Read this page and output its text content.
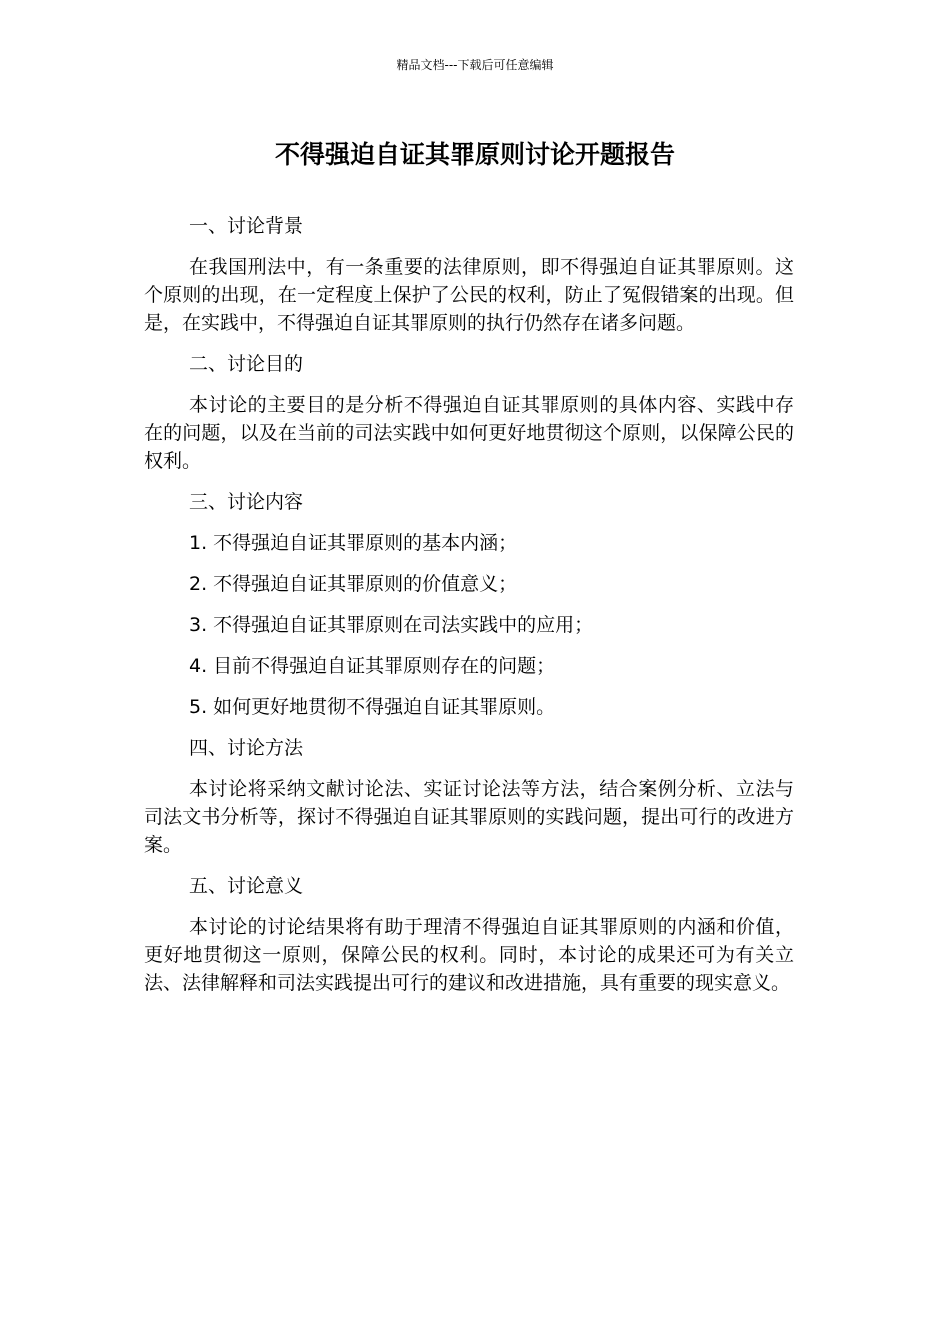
精品文档---下载后可任意编辑
不得强迫自证其罪原则讨论开题报告

一、讨论背景

在我国刑法中，有一条重要的法律原则，即不得强迫自证其罪原则。这个原则的出现，在一定程度上保护了公民的权利，防止了冤假错案的出现。但是，在实践中，不得强迫自证其罪原则的执行仍然存在诸多问题。

二、讨论目的

本讨论的主要目的是分析不得强迫自证其罪原则的具体内容、实践中存在的问题，以及在当前的司法实践中如何更好地贯彻这个原则，以保障公民的权利。

三、讨论内容

1. 不得强迫自证其罪原则的基本内涵；

2. 不得强迫自证其罪原则的价值意义；

3. 不得强迫自证其罪原则在司法实践中的应用；

4. 目前不得强迫自证其罪原则存在的问题；

5. 如何更好地贯彻不得强迫自证其罪原则。

四、讨论方法

本讨论将采纳文献讨论法、实证讨论法等方法，结合案例分析、立法与司法文书分析等，探讨不得强迫自证其罪原则的实践问题，提出可行的改进方案。

五、讨论意义

本讨论的讨论结果将有助于理清不得强迫自证其罪原则的内涵和价值，更好地贯彻这一原则，保障公民的权利。同时，本讨论的成果还可为有关立法、法律解释和司法实践提出可行的建议和改进措施，具有重要的现实意义。
